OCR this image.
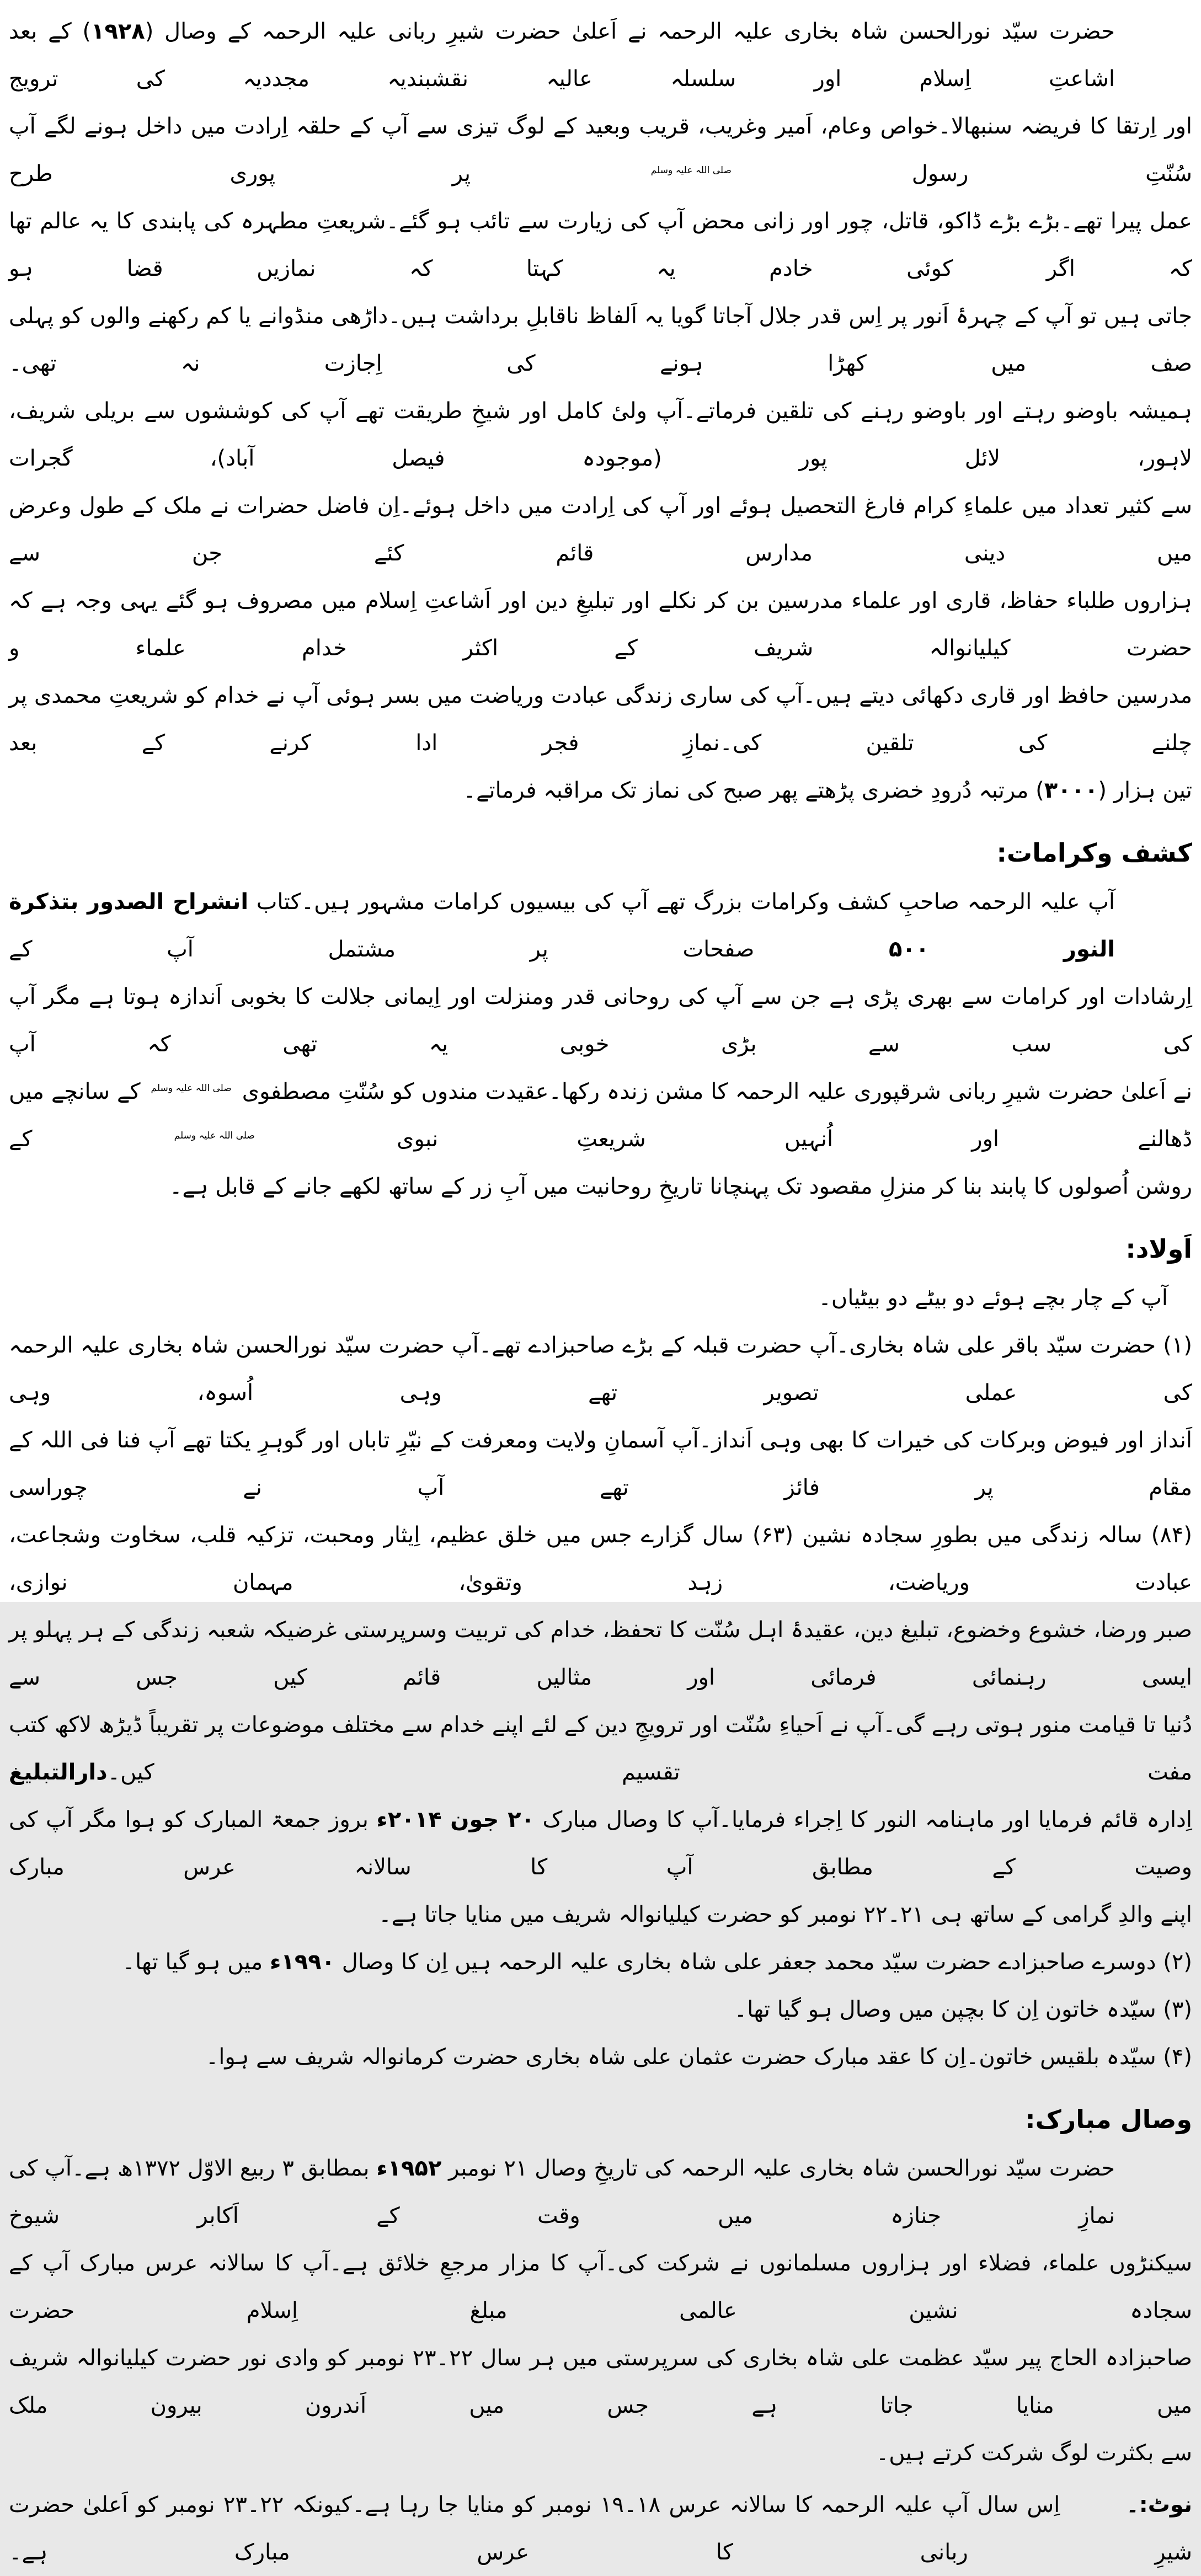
حضرت سیّد نورالحسن شاہ بخاری علیہ الرحمہ نے اَعلیٰ حضرت شیرِ ربانی علیہ الرحمہ کے وصال (۱۹۲۸) کے بعد اشاعتِ اِسلام اور سلسلہ عالیہ نقشبندیہ مجددیہ کی ترویج
اور اِرتقا کا فریضہ سنبھالا۔خواص وعام، اَمیر وغریب، قریب وبعید کے لوگ تیزی سے آپ کے حلقہ اِرادت میں داخل ہونے لگے آپ سُنّتِ رسول صلی اللہ علیہ وسلم پر پوری طرح
عمل پیرا تھے۔بڑے بڑے ڈاکو، قاتل، چور اور زانی محض آپ کی زیارت سے تائب ہو گئے۔شریعتِ مطہرہ کی پابندی کا یہ عالم تھا کہ اگر کوئی خادم یہ کہتا کہ نمازیں قضا ہو
جاتی ہیں تو آپ کے چہرۂ اَنور پر اِس قدر جلال آجاتا گویا یہ اَلفاظ ناقابلِ برداشت ہیں۔داڑھی منڈوانے یا کم رکھنے والوں کو پہلی صف میں کھڑا ہونے کی اِجازت نہ تھی۔
ہمیشہ باوضو رہتے اور باوضو رہنے کی تلقین فرماتے۔آپ ولیٔ کامل اور شیخِ طریقت تھے آپ کی کوششوں سے بریلی شریف، لاہور، لائل پور (موجودہ فیصل آباد)، گجرات
سے کثیر تعداد میں علماءِ کرام فارغ التحصیل ہوئے اور آپ کی اِرادت میں داخل ہوئے۔اِن فاضل حضرات نے ملک کے طول وعرض میں دینی مدارس قائم کئے جن سے
ہزاروں طلباء حفاظ، قاری اور علماء مدرسین بن کر نکلے اور تبلیغِ دین اور اَشاعتِ اِسلام میں مصروف ہو گئے یہی وجہ ہے کہ حضرت کیلیانوالہ شریف کے اکثر خدام علماء و
مدرسین حافظ اور قاری دکھائی دیتے ہیں۔آپ کی ساری زندگی عبادت وریاضت میں بسر ہوئی آپ نے خدام کو شریعتِ محمدی پر چلنے کی تلقین کی۔نمازِ فجر ادا کرنے کے بعد
تین ہزار (۳۰۰۰) مرتبہ دُرودِ خضری پڑھتے پھر صبح کی نماز تک مراقبہ فرماتے۔
کشف وکرامات:
آپ علیہ الرحمہ صاحبِ کشف وکرامات بزرگ تھے آپ کی بیسیوں کرامات مشہور ہیں۔کتاب انشراح الصدور بتذکرة النور ۵۰۰ صفحات پر مشتمل آپ کے
اِرشادات اور کرامات سے بھری پڑی ہے جن سے آپ کی روحانی قدر ومنزلت اور اِیمانی جلالت کا بخوبی اَندازہ ہوتا ہے مگر آپ کی سب سے بڑی خوبی یہ تھی کہ آپ
نے اَعلیٰ حضرت شیرِ ربانی شرقپوری علیہ الرحمہ کا مشن زندہ رکھا۔عقیدت مندوں کو سُنّتِ مصطفوی صلی اللہ علیہ وسلم کے سانچے میں ڈھالنے اور اُنہیں شریعتِ نبوی صلی اللہ علیہ وسلم کے
روشن اُصولوں کا پابند بنا کر منزلِ مقصود تک پہنچانا تاریخِ روحانیت میں آبِ زر کے ساتھ لکھے جانے کے قابل ہے۔
اَولاد:
آپ کے چار بچے ہوئے دو بیٹے دو بیٹیاں۔
(۱) حضرت سیّد باقر علی شاہ بخاری۔آپ حضرت قبلہ کے بڑے صاحبزادے تھے۔آپ حضرت سیّد نورالحسن شاہ بخاری علیہ الرحمہ کی عملی تصویر تھے وہی اُسوہ، وہی
اَنداز اور فیوض وبرکات کی خیرات کا بھی وہی اَنداز۔آپ آسمانِ ولایت ومعرفت کے نیّرِ تاباں اور گوہرِ یکتا تھے آپ فنا فی اللہ کے مقام پر فائز تھے آپ نے چوراسی
(۸۴) سالہ زندگی میں بطورِ سجادہ نشین (۶۳) سال گزارے جس میں خلق عظیم، اِیثار ومحبت، تزکیہ قلب، سخاوت وشجاعت، عبادت وریاضت، زہد وتقویٰ، مہمان نوازی،
صبر ورضا، خشوع وخضوع، تبلیغ دین، عقیدۂ اہل سُنّت کا تحفظ، خدام کی تربیت وسرپرستی غرضیکہ شعبہ زندگی کے ہر پہلو پر ایسی رہنمائی فرمائی اور مثالیں قائم کیں جس سے
دُنیا تا قیامت منور ہوتی رہے گی۔آپ نے اَحیاءِ سُنّت اور ترویجِ دین کے لئے اپنے خدام سے مختلف موضوعات پر تقریباً ڈیڑھ لاکھ کتب مفت تقسیم کیں۔دارالتبلیغ
اِدارہ قائم فرمایا اور ماہنامہ النور کا اِجراء فرمایا۔آپ کا وصال مبارک ۲۰ جون ۲۰۱۴ء بروز جمعۃ المبارک کو ہوا مگر آپ کی وصیت کے مطابق آپ کا سالانہ عرس مبارک
اپنے والدِ گرامی کے ساتھ ہی ۲۱۔۲۲ نومبر کو حضرت کیلیانوالہ شریف میں منایا جاتا ہے۔
(۲) دوسرے صاحبزادے حضرت سیّد محمد جعفر علی شاہ بخاری علیہ الرحمہ ہیں اِن کا وصال ۱۹۹۰ء میں ہو گیا تھا۔
(۳) سیّدہ خاتون اِن کا بچپن میں وصال ہو گیا تھا۔
(۴) سیّدہ بلقیس خاتون۔اِن کا عقد مبارک حضرت عثمان علی شاہ بخاری حضرت کرمانوالہ شریف سے ہوا۔
وصال مبارک:
حضرت سیّد نورالحسن شاہ بخاری علیہ الرحمہ کی تاریخِ وصال ۲۱ نومبر ۱۹۵۲ء بمطابق ۳ ربیع الاوّل ۱۳۷۲ھ ہے۔آپ کی نمازِ جنازہ میں وقت کے اَکابر شیوخ
سیکنڑوں علماء، فضلاء اور ہزاروں مسلمانوں نے شرکت کی۔آپ کا مزار مرجعِ خلائق ہے۔آپ کا سالانہ عرس مبارک آپ کے سجادہ نشین عالمی مبلغ اِسلام حضرت
صاحبزادہ الحاج پیر سیّد عظمت علی شاہ بخاری کی سرپرستی میں ہر سال ۲۲۔۲۳ نومبر کو وادی نور حضرت کیلیانوالہ شریف میں منایا جاتا ہے جس میں اَندرون بیرون ملک
سے بکثرت لوگ شرکت کرتے ہیں۔
نوٹ:۔اِس سال آپ علیہ الرحمہ کا سالانہ عرس ۱۸۔۱۹ نومبر کو منایا جا رہا ہے۔کیونکہ ۲۲۔۲۳ نومبر کو اَعلیٰ حضرت شیرِ ربانی کا عرس مبارک ہے۔
